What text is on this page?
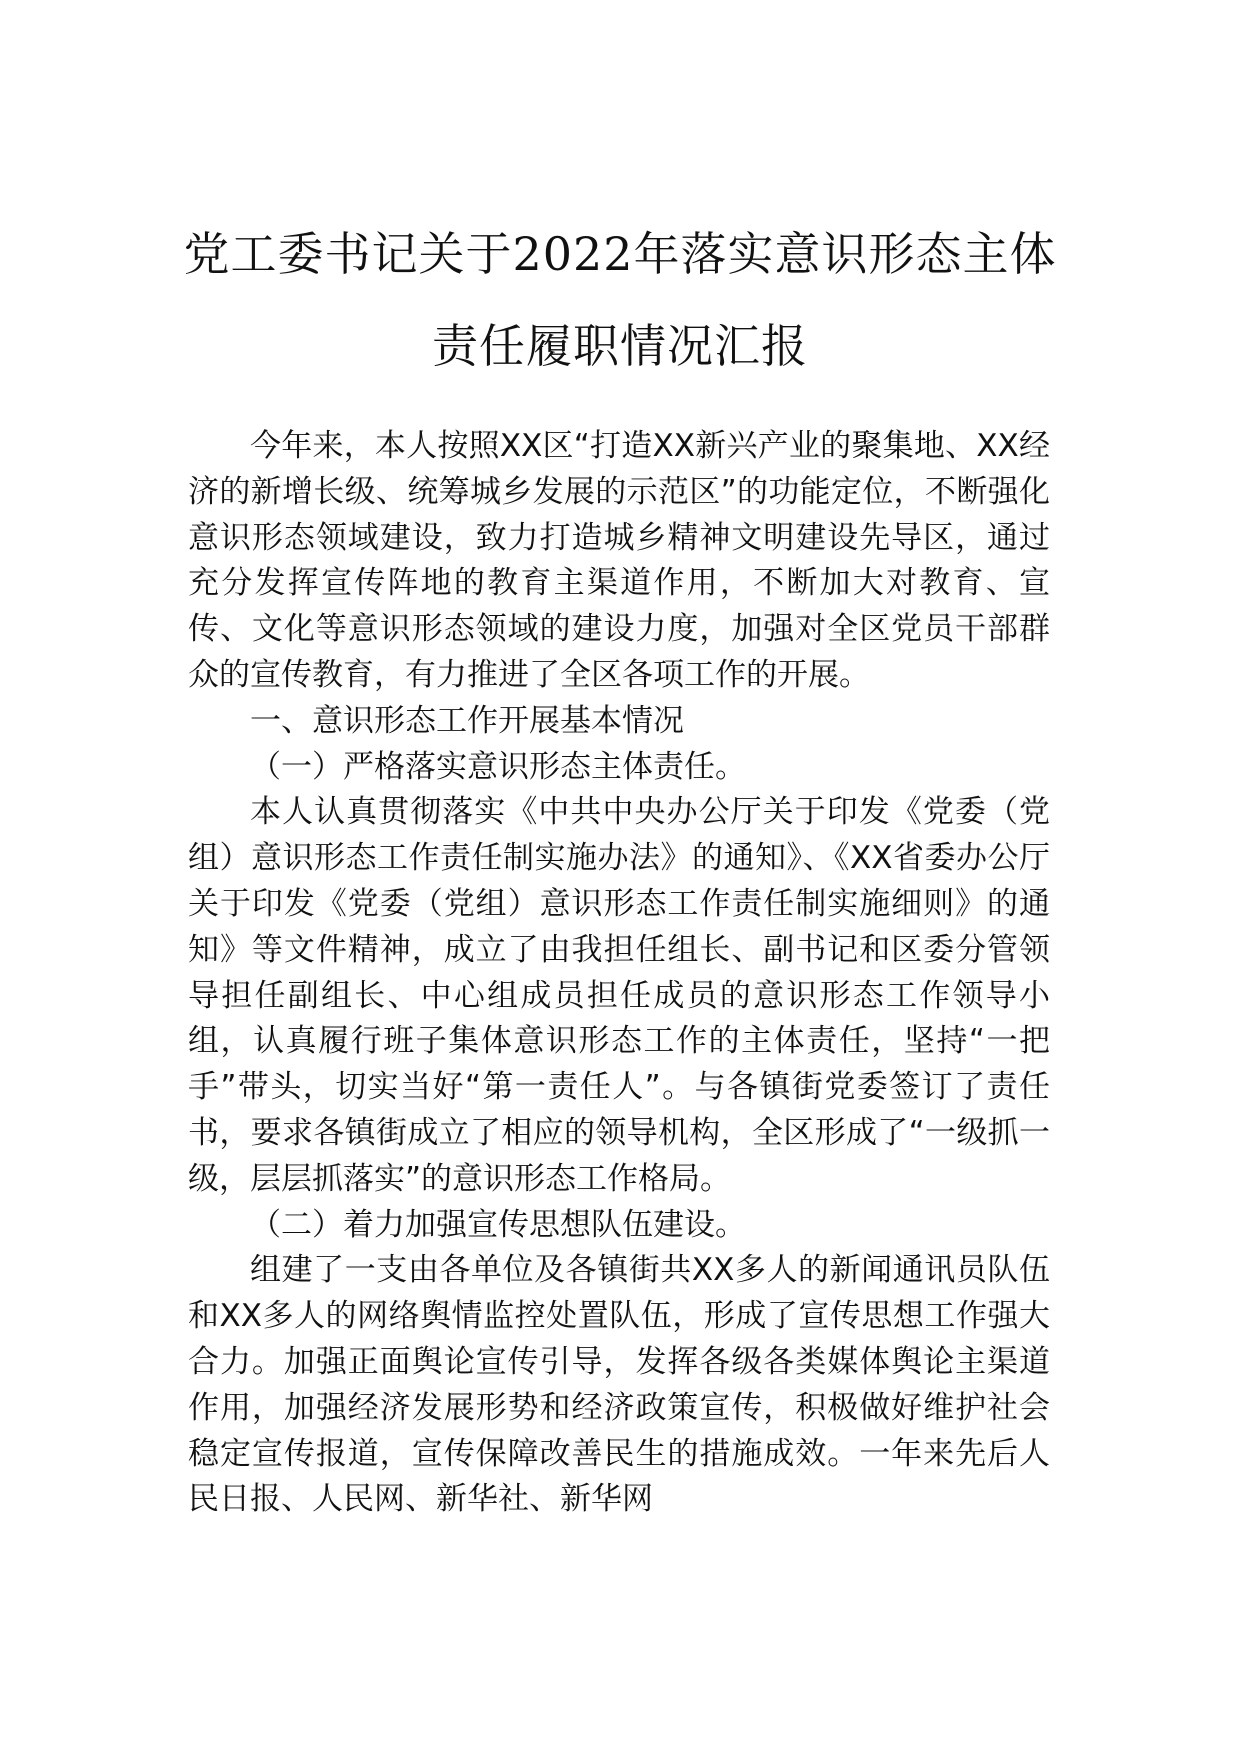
党工委书记关于2022年落实意识形态主体
责任履职情况汇报

今年来，本人按照XX区“打造XX新兴产业的聚集地、XX经济的新增长级、统筹城乡发展的示范区”的功能定位，不断强化意识形态领域建设，致力打造城乡精神文明建设先导区，通过充分发挥宣传阵地的教育主渠道作用，不断加大对教育、宣传、文化等意识形态领域的建设力度，加强对全区党员干部群众的宣传教育，有力推进了全区各项工作的开展。

一、意识形态工作开展基本情况

（一）严格落实意识形态主体责任。

本人认真贯彻落实《中共中央办公厅关于印发《党委（党组）意识形态工作责任制实施办法》的通知》、《XX省委办公厅关于印发《党委（党组）意识形态工作责任制实施细则》的通知》等文件精神，成立了由我担任组长、副书记和区委分管领导担任副组长、中心组成员担任成员的意识形态工作领导小组，认真履行班子集体意识形态工作的主体责任，坚持“一把手”带头，切实当好“第一责任人”。与各镇街党委签订了责任书，要求各镇街成立了相应的领导机构，全区形成了“一级抓一级，层层抓落实”的意识形态工作格局。

（二）着力加强宣传思想队伍建设。

组建了一支由各单位及各镇街共XX多人的新闻通讯员队伍和XX多人的网络舆情监控处置队伍，形成了宣传思想工作强大合力。加强正面舆论宣传引导，发挥各级各类媒体舆论主渠道作用，加强经济发展形势和经济政策宣传，积极做好维护社会稳定宣传报道，宣传保障改善民生的措施成效。一年来先后人民日报、人民网、新华社、新华网
